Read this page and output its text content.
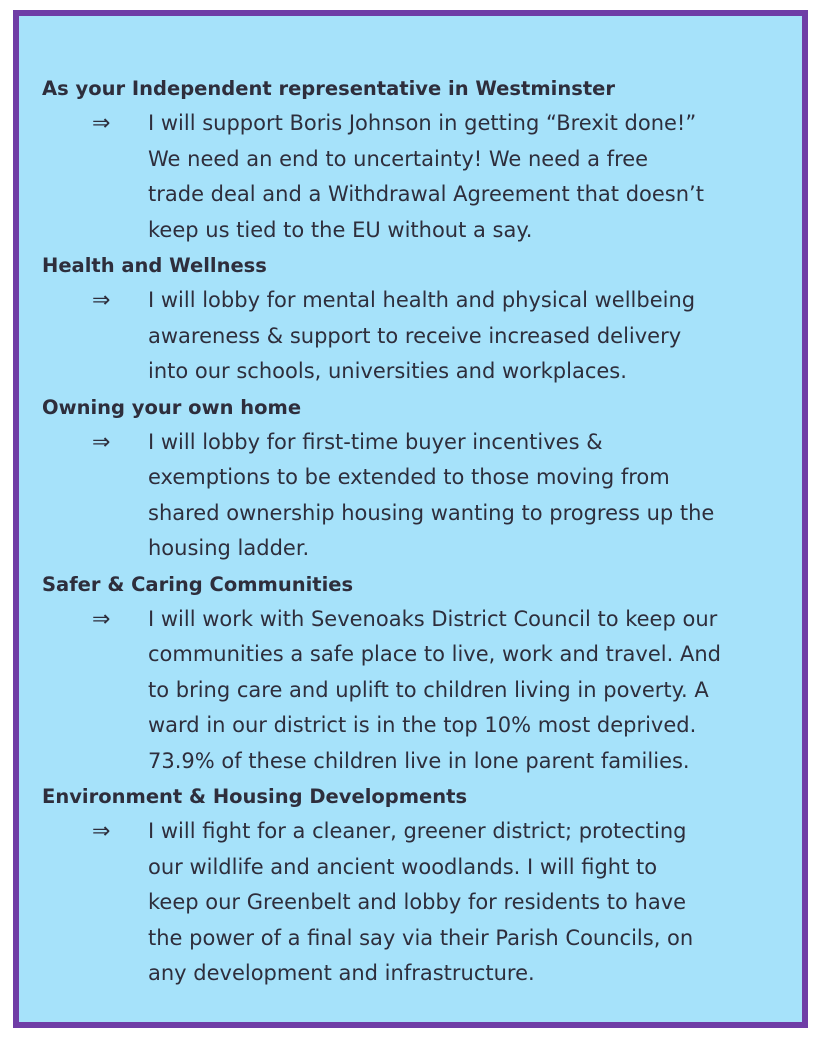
As your Independent representative in Westminster
⇒ I will support Boris Johnson in getting “Brexit done!”
We need an end to uncertainty! We need a free
trade deal and a Withdrawal Agreement that doesn’t
keep us tied to the EU without a say.
Health and Wellness
⇒ I will lobby for mental health and physical wellbeing
awareness & support to receive increased delivery
into our schools, universities and workplaces.
Owning your own home
⇒ I will lobby for first-time buyer incentives &
exemptions to be extended to those moving from
shared ownership housing wanting to progress up the
housing ladder.
Safer & Caring Communities
⇒ I will work with Sevenoaks District Council to keep our
communities a safe place to live, work and travel. And
to bring care and uplift to children living in poverty. A
ward in our district is in the top 10% most deprived.
73.9% of these children live in lone parent families.
Environment & Housing Developments
⇒ I will fight for a cleaner, greener district; protecting
our wildlife and ancient woodlands. I will fight to
keep our Greenbelt and lobby for residents to have
the power of a final say via their Parish Councils, on
any development and infrastructure.
